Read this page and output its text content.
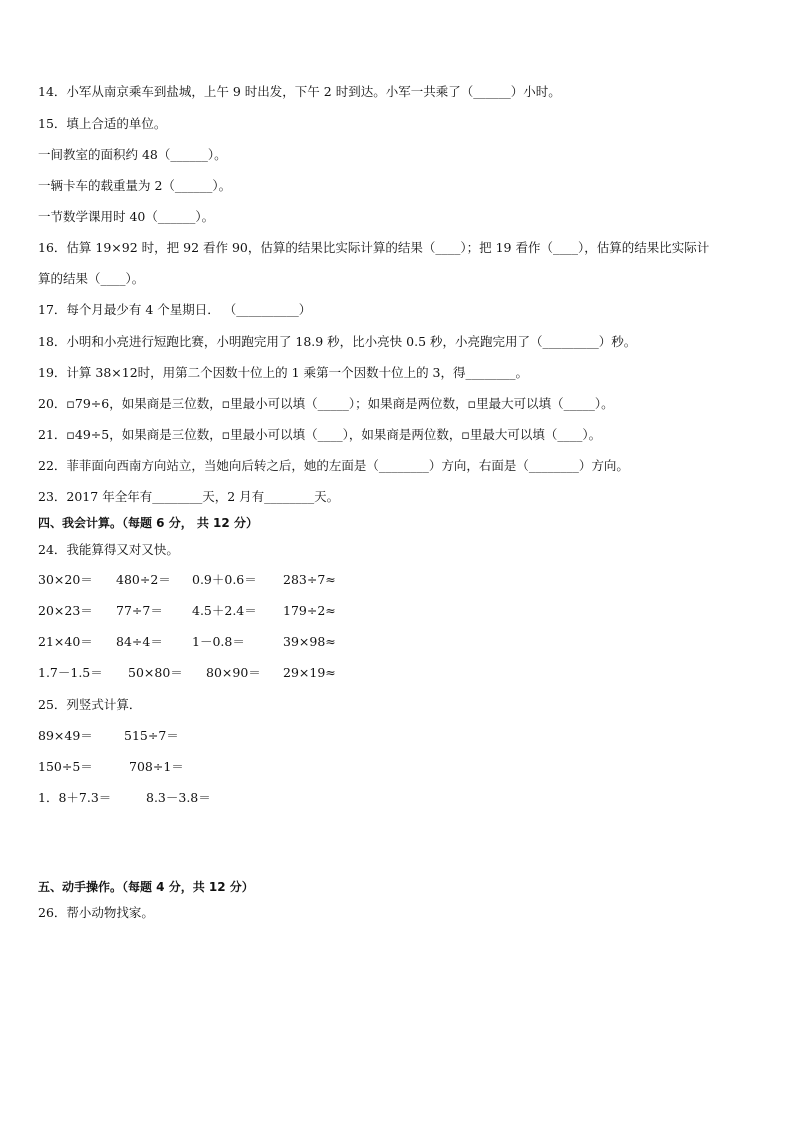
14．小军从南京乘车到盐城，上午 9 时出发，下午 2 时到达。小军一共乘了（______）小时。
15．填上合适的单位。
一间教室的面积约 48（______）。
一辆卡车的载重量为 2（______）。
一节数学课用时 40（______）。
16．估算 19×92 时，把 92 看作 90，估算的结果比实际计算的结果（____）；把 19 看作（____），估算的结果比实际计
算的结果（____）。
17．每个月最少有 4 个星期日． （__________）
18．小明和小亮进行短跑比赛，小明跑完用了 18.9 秒，比小亮快 0.5 秒，小亮跑完用了（_________）秒。
19．计算 38×12时，用第二个因数十位上的 1 乘第一个因数十位上的 3，得________。
20．▫79÷6，如果商是三位数，▫里最小可以填（_____）；如果商是两位数，▫里最大可以填（_____）。
21．▫49÷5，如果商是三位数，▫里最小可以填（____），如果商是两位数，▫里最大可以填（____）。
22．菲菲面向西南方向站立，当她向后转之后，她的左面是（________）方向，右面是（________）方向。
23．2017 年全年有________天，2 月有________天。
四、我会计算。（每题 6 分， 共 12 分）
24．我能算得又对又快。
30×20＝ 480÷2＝ 0.9＋0.6＝ 283÷7≈
20×23＝ 77÷7＝ 4.5＋2.4＝ 179÷2≈
21×40＝ 84÷4＝ 1－0.8＝	39×98≈
1.7－1.5＝ 50×80＝ 80×90＝ 29×19≈
25．列竖式计算．
89×49＝ 515÷7＝
150÷5＝	708÷1＝
1．8＋7.3＝	8.3－3.8＝
五、动手操作。（每题 4 分，共 12 分）
26．帮小动物找家。
